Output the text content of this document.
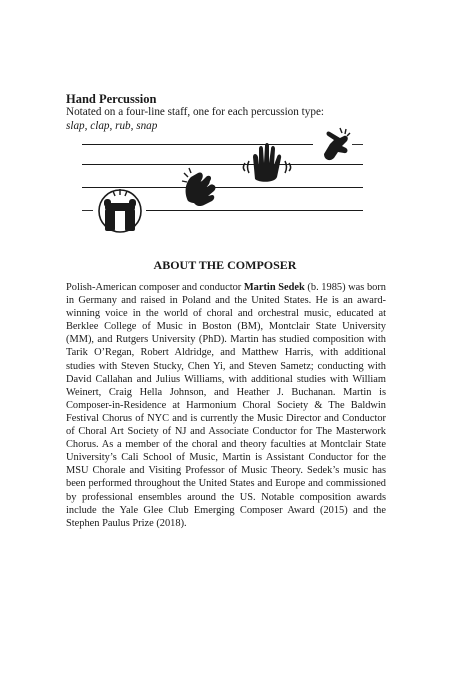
Hand Percussion

Notated on a four-line staff, one for each percussion type:

slap, clap, rub, snap

ABOUT THE COMPOSER

Polish-American composer and conductor Martin Sedek (b. 1985) was born in Germany and raised in Poland and the United States. He is an award-winning voice in the world of choral and orchestral music, educated at Berklee College of Music in Boston (BM), Montclair State University (MM), and Rutgers University (PhD). Martin has studied composition with Tarik O’Regan, Robert Aldridge, and Matthew Harris, with additional studies with Steven Stucky, Chen Yi, and Steven Sametz; conducting with David Callahan and Julius Williams, with additional studies with William Weinert, Craig Hella Johnson, and Heather J. Buchanan. Martin is Composer-in-Residence at Harmonium Choral Society & The Baldwin Festival Chorus of NYC and is currently the Music Director and Conductor of Choral Art Society of NJ and Associate Conductor for The Masterwork Chorus. As a member of the choral and theory faculties at Montclair State University’s Cali School of Music, Martin is Assistant Conductor for the MSU Chorale and Visiting Professor of Music Theory. Sedek’s music has been performed throughout the United States and Europe and commissioned by professional ensembles around the US. Notable composition awards include the Yale Glee Club Emerging Composer Award (2015) and the Stephen Paulus Prize (2018).
